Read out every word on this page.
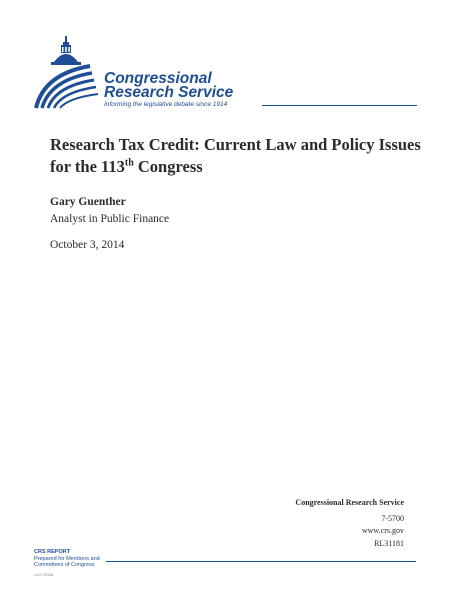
Congressional
Research Service
Informing the legislative debate since 1914
Research Tax Credit: Current Law and Policy Issues for the 113th Congress
Gary Guenther
Analyst in Public Finance
October 3, 2014
Congressional Research Service
7-5700
www.crs.gov
RL31181
CRS REPORT
Prepared for Members and
Committees of Congress
c11173008
